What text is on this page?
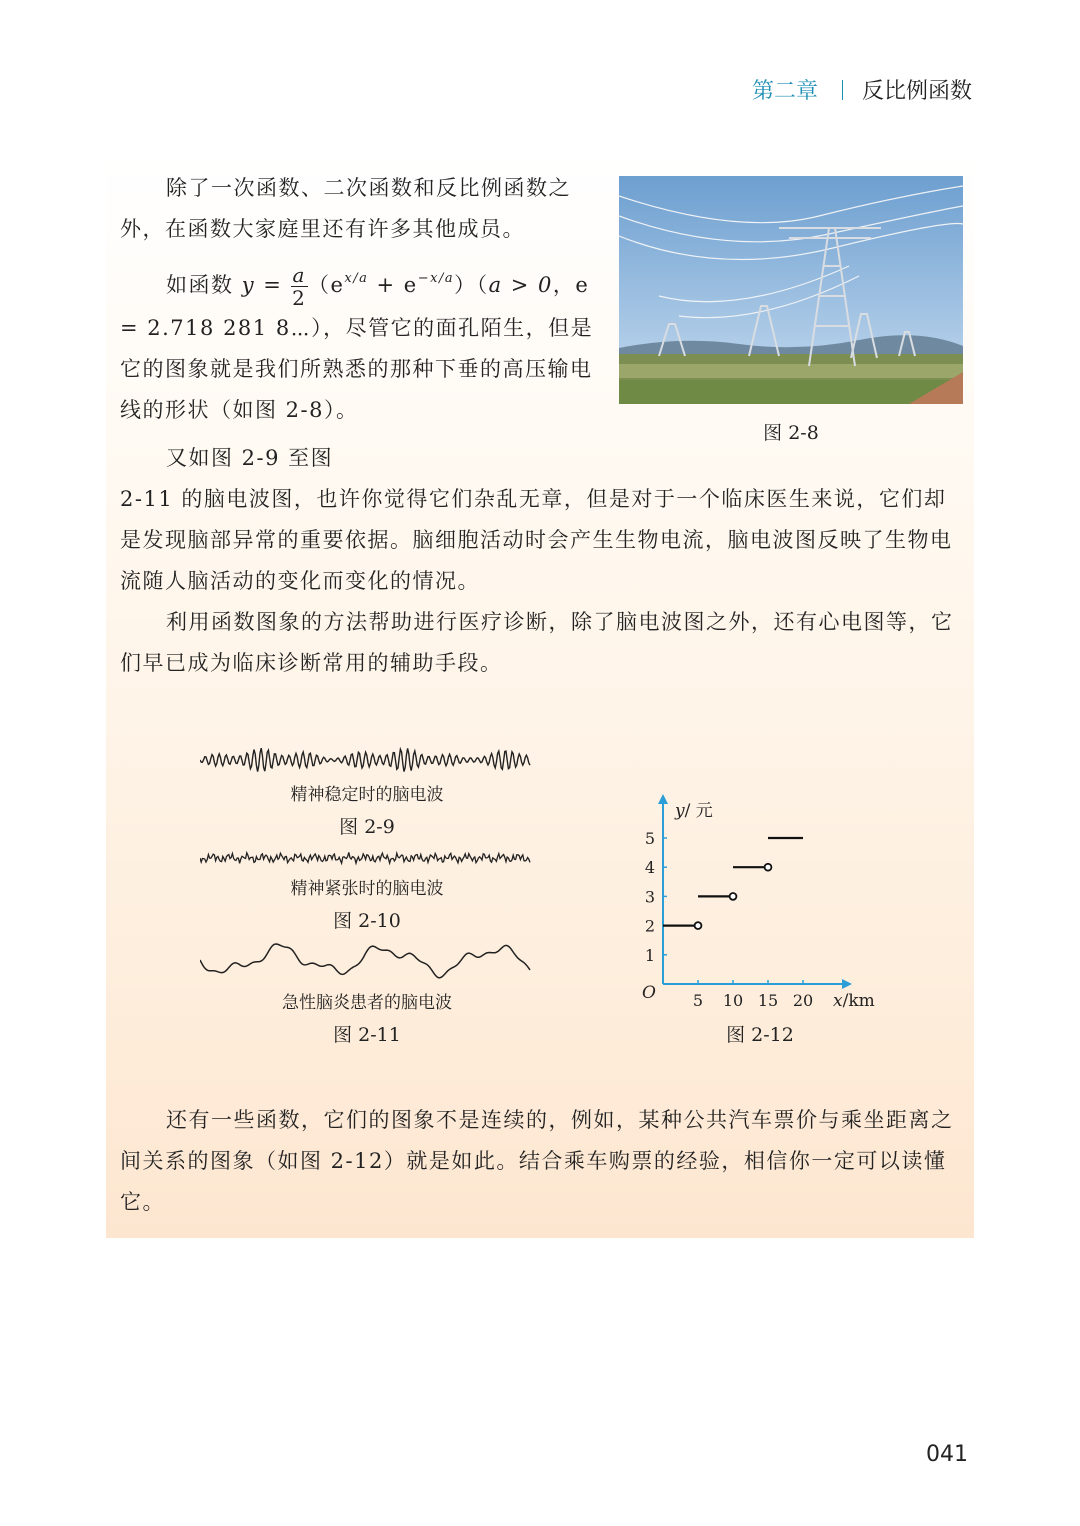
第二章 反比例函数
除了一次函数、二次函数和反比例函数之外，在函数大家庭里还有许多其他成员。
如函数 $y = \frac{a}{2} (e^{x/a} + e^{-x/a})(a > 0$，e = 2.718 281 8⋯），尽管它的面孔陌生，但是它的图象就是我们所熟悉的那种下垂的高压输电线的形状（如图 2-8）。
图 2-8
又如图 2-9 至图
2-11 的脑电波图，也许你觉得它们杂乱无章，但是对于一个临床医生来说，它们却是发现脑部异常的重要依据。脑细胞活动时会产生生物电流，脑电波图反映了生物电流随人脑活动的变化而变化的情况。
利用函数图象的方法帮助进行医疗诊断，除了脑电波图之外，还有心电图等，它们早已成为临床诊断常用的辅助手段。
精神稳定时的脑电波
图 2-9
精神紧张时的脑电波
图 2-10
急性脑炎患者的脑电波
图 2-11
5 10 15 20
1
2
3
4
5
O
y/ 元
x/km
图 2-12
还有一些函数，它们的图象不是连续的，例如，某种公共汽车票价与乘坐距离之间关系的图象（如图 2-12）就是如此。结合乘车购票的经验，相信你一定可以读懂它。
041
